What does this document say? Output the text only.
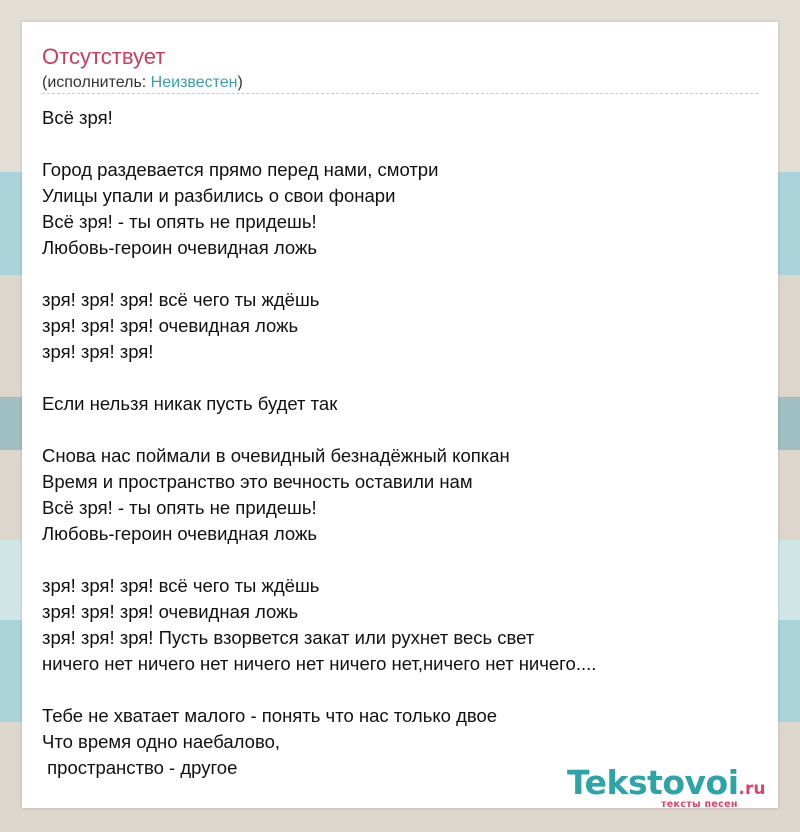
Отсутствует
(исполнитель: Неизвестен)
Всё зря!
Город раздевается прямо перед нами, смотри
Улицы упали и разбились о свои фонари
Всё зря! - ты опять не придешь!
Любовь-героин очевидная ложь
зря! зря! зря! всё чего ты ждёшь
зря! зря! зря! очевидная ложь
зря! зря! зря!
Если нельзя никак пусть будет так
Снова нас поймали в очевидный безнадёжный копкан
Время и пространство это вечность оставили нам
Всё зря! - ты опять не придешь!
Любовь-героин очевидная ложь
зря! зря! зря! всё чего ты ждёшь
зря! зря! зря! очевидная ложь
зря! зря! зря! Пусть взорвется закат или рухнет весь свет
ничего нет ничего нет ничего нет ничего нет,ничего нет ничего....
Тебе не хватает малого - понять что нас только двое
Что время одно наебалово,
пространство - другое	Tekstovoi.ru
тексты песен
